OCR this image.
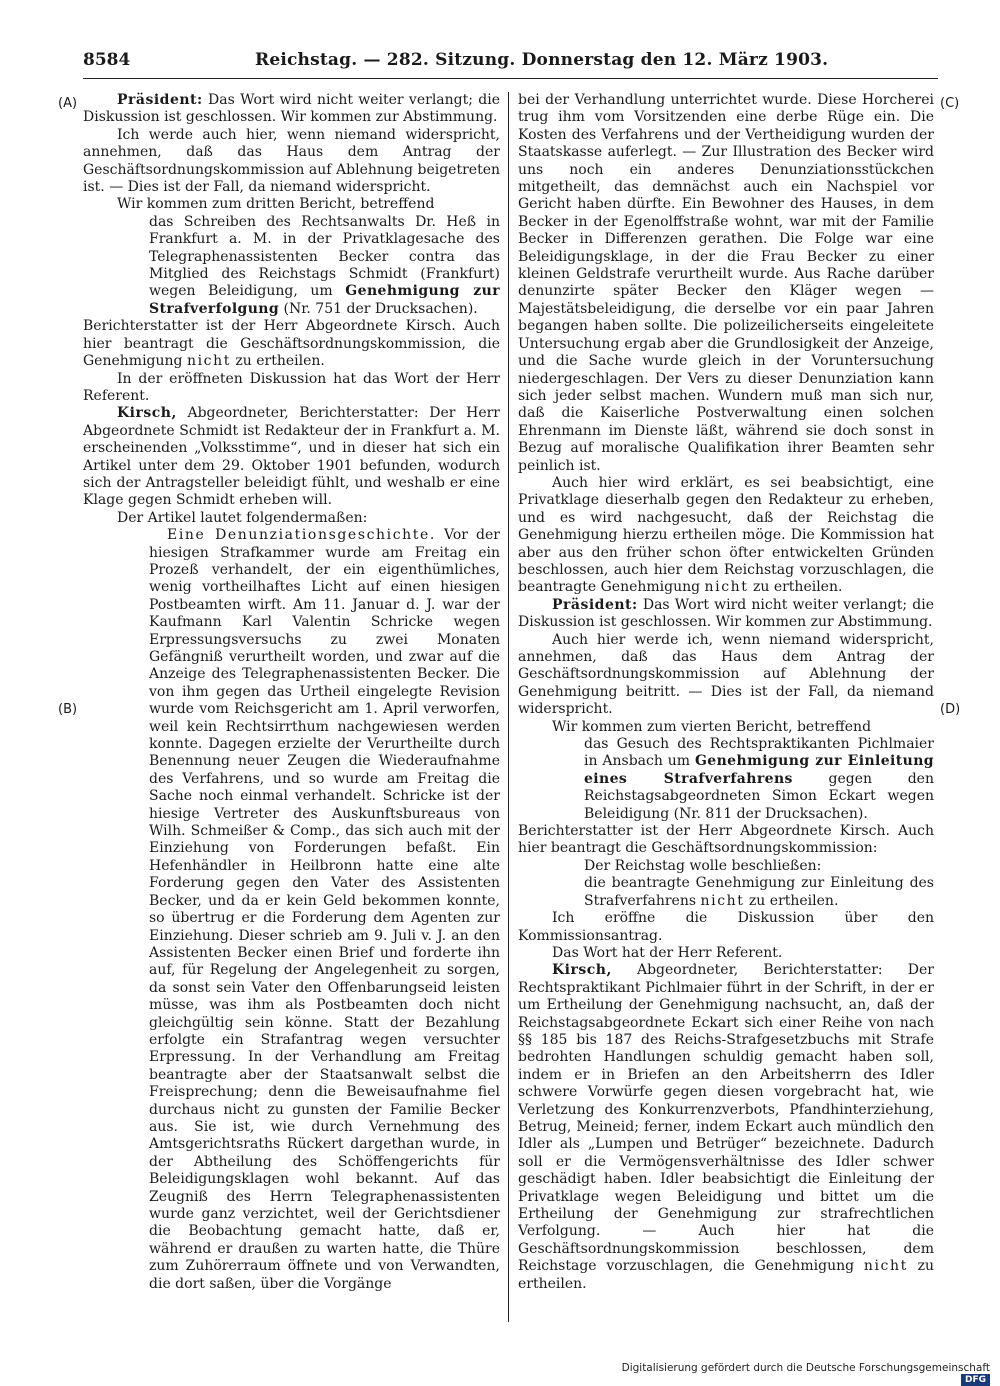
8584	Reichstag. — 282. Sitzung. Donnerstag den 12. März 1903.
(A)
(B)
(C)
(D)

Präsident: Das Wort wird nicht weiter verlangt; die Diskussion ist geschlossen. Wir kommen zur Abstimmung.

Ich werde auch hier, wenn niemand widerspricht, annehmen, daß das Haus dem Antrag der Geschäftsordnungskommission auf Ablehnung beigetreten ist. — Dies ist der Fall, da niemand widerspricht.

Wir kommen zum dritten Bericht, betreffend

das Schreiben des Rechtsanwalts Dr. Heß in Frankfurt a. M. in der Privatklagesache des Telegraphenassistenten Becker contra das Mitglied des Reichstags Schmidt (Frankfurt) wegen Beleidigung, um Genehmigung zur Strafverfolgung (Nr. 751 der Drucksachen).

Berichterstatter ist der Herr Abgeordnete Kirsch. Auch hier beantragt die Geschäftsordnungskommission, die Genehmigung nicht zu ertheilen.

In der eröffneten Diskussion hat das Wort der Herr Referent.

Kirsch, Abgeordneter, Berichterstatter: Der Herr Abgeordnete Schmidt ist Redakteur der in Frankfurt a. M. erscheinenden „Volksstimme“, und in dieser hat sich ein Artikel unter dem 29. Oktober 1901 befunden, wodurch sich der Antragsteller beleidigt fühlt, und weshalb er eine Klage gegen Schmidt erheben will.

Der Artikel lautet folgendermaßen:

Eine Denunziationsgeschichte. Vor der hiesigen Strafkammer wurde am Freitag ein Prozeß verhandelt, der ein eigenthümliches, wenig vortheilhaftes Licht auf einen hiesigen Postbeamten wirft. Am 11. Januar d. J. war der Kaufmann Karl Valentin Schricke wegen Erpressungsversuchs zu zwei Monaten Gefängniß verurtheilt worden, und zwar auf die Anzeige des Telegraphenassistenten Becker. Die von ihm gegen das Urtheil eingelegte Revision wurde vom Reichsgericht am 1. April verworfen, weil kein Rechtsirrthum nachgewiesen werden konnte. Dagegen erzielte der Verurtheilte durch Benennung neuer Zeugen die Wiederaufnahme des Verfahrens, und so wurde am Freitag die Sache noch einmal verhandelt. Schricke ist der hiesige Vertreter des Auskunftsbureaus von Wilh. Schmeißer & Comp., das sich auch mit der Einziehung von Forderungen befaßt. Ein Hefenhändler in Heilbronn hatte eine alte Forderung gegen den Vater des Assistenten Becker, und da er kein Geld bekommen konnte, so übertrug er die Forderung dem Agenten zur Einziehung. Dieser schrieb am 9. Juli v. J. an den Assistenten Becker einen Brief und forderte ihn auf, für Regelung der Angelegenheit zu sorgen, da sonst sein Vater den Offenbarungseid leisten müsse, was ihm als Postbeamten doch nicht gleichgültig sein könne. Statt der Bezahlung erfolgte ein Strafantrag wegen versuchter Erpressung. In der Verhandlung am Freitag beantragte aber der Staatsanwalt selbst die Freisprechung; denn die Beweisaufnahme fiel durchaus nicht zu gunsten der Familie Becker aus. Sie ist, wie durch Vernehmung des Amtsgerichtsraths Rückert dargethan wurde, in der Abtheilung des Schöffengerichts für Beleidigungsklagen wohl bekannt. Auf das Zeugniß des Herrn Telegraphenassistenten wurde ganz verzichtet, weil der Gerichtsdiener die Beobachtung gemacht hatte, daß er, während er draußen zu warten hatte, die Thüre zum Zuhörerraum öffnete und von Verwandten, die dort saßen, über die Vorgänge

bei der Verhandlung unterrichtet wurde. Diese Horcherei trug ihm vom Vorsitzenden eine derbe Rüge ein. Die Kosten des Verfahrens und der Vertheidigung wurden der Staatskasse auferlegt. — Zur Illustration des Becker wird uns noch ein anderes Denunziationsstückchen mitgetheilt, das demnächst auch ein Nachspiel vor Gericht haben dürfte. Ein Bewohner des Hauses, in dem Becker in der Egenolffstraße wohnt, war mit der Familie Becker in Differenzen gerathen. Die Folge war eine Beleidigungsklage, in der die Frau Becker zu einer kleinen Geldstrafe verurtheilt wurde. Aus Rache darüber denunzirte später Becker den Kläger wegen — Majestätsbeleidigung, die derselbe vor ein paar Jahren begangen haben sollte. Die polizeilicherseits eingeleitete Untersuchung ergab aber die Grundlosigkeit der Anzeige, und die Sache wurde gleich in der Voruntersuchung niedergeschlagen. Der Vers zu dieser Denunziation kann sich jeder selbst machen. Wundern muß man sich nur, daß die Kaiserliche Postverwaltung einen solchen Ehrenmann im Dienste läßt, während sie doch sonst in Bezug auf moralische Qualifikation ihrer Beamten sehr peinlich ist.

Auch hier wird erklärt, es sei beabsichtigt, eine Privatklage dieserhalb gegen den Redakteur zu erheben, und es wird nachgesucht, daß der Reichstag die Genehmigung hierzu ertheilen möge. Die Kommission hat aber aus den früher schon öfter entwickelten Gründen beschlossen, auch hier dem Reichstag vorzuschlagen, die beantragte Genehmigung nicht zu ertheilen.

Präsident: Das Wort wird nicht weiter verlangt; die Diskussion ist geschlossen. Wir kommen zur Abstimmung.

Auch hier werde ich, wenn niemand widerspricht, annehmen, daß das Haus dem Antrag der Geschäftsordnungskommission auf Ablehnung der Genehmigung beitritt. — Dies ist der Fall, da niemand widerspricht.

Wir kommen zum vierten Bericht, betreffend

das Gesuch des Rechtspraktikanten Pichlmaier in Ansbach um Genehmigung zur Einleitung eines Strafverfahrens gegen den Reichstagsabgeordneten Simon Eckart wegen Beleidigung (Nr. 811 der Drucksachen).

Berichterstatter ist der Herr Abgeordnete Kirsch. Auch hier beantragt die Geschäftsordnungskommission:

Der Reichstag wolle beschließen:

die beantragte Genehmigung zur Einleitung des Strafverfahrens nicht zu ertheilen.

Ich eröffne die Diskussion über den Kommissionsantrag.

Das Wort hat der Herr Referent.

Kirsch, Abgeordneter, Berichterstatter: Der Rechtspraktikant Pichlmaier führt in der Schrift, in der er um Ertheilung der Genehmigung nachsucht, an, daß der Reichstagsabgeordnete Eckart sich einer Reihe von nach §§ 185 bis 187 des Reichs-Strafgesetzbuchs mit Strafe bedrohten Handlungen schuldig gemacht haben soll, indem er in Briefen an den Arbeitsherrn des Idler schwere Vorwürfe gegen diesen vorgebracht hat, wie Verletzung des Konkurrenzverbots, Pfandhinterziehung, Betrug, Meineid; ferner, indem Eckart auch mündlich den Idler als „Lumpen und Betrüger“ bezeichnete. Dadurch soll er die Vermögensverhältnisse des Idler schwer geschädigt haben. Idler beabsichtigt die Einleitung der Privatklage wegen Beleidigung und bittet um die Ertheilung der Genehmigung zur strafrechtlichen Verfolgung. — Auch hier hat die Geschäftsordnungskommission beschlossen, dem Reichstage vorzuschlagen, die Genehmigung nicht zu ertheilen.

Digitalisierung gefördert durch die Deutsche Forschungsgemeinschaft DFG
